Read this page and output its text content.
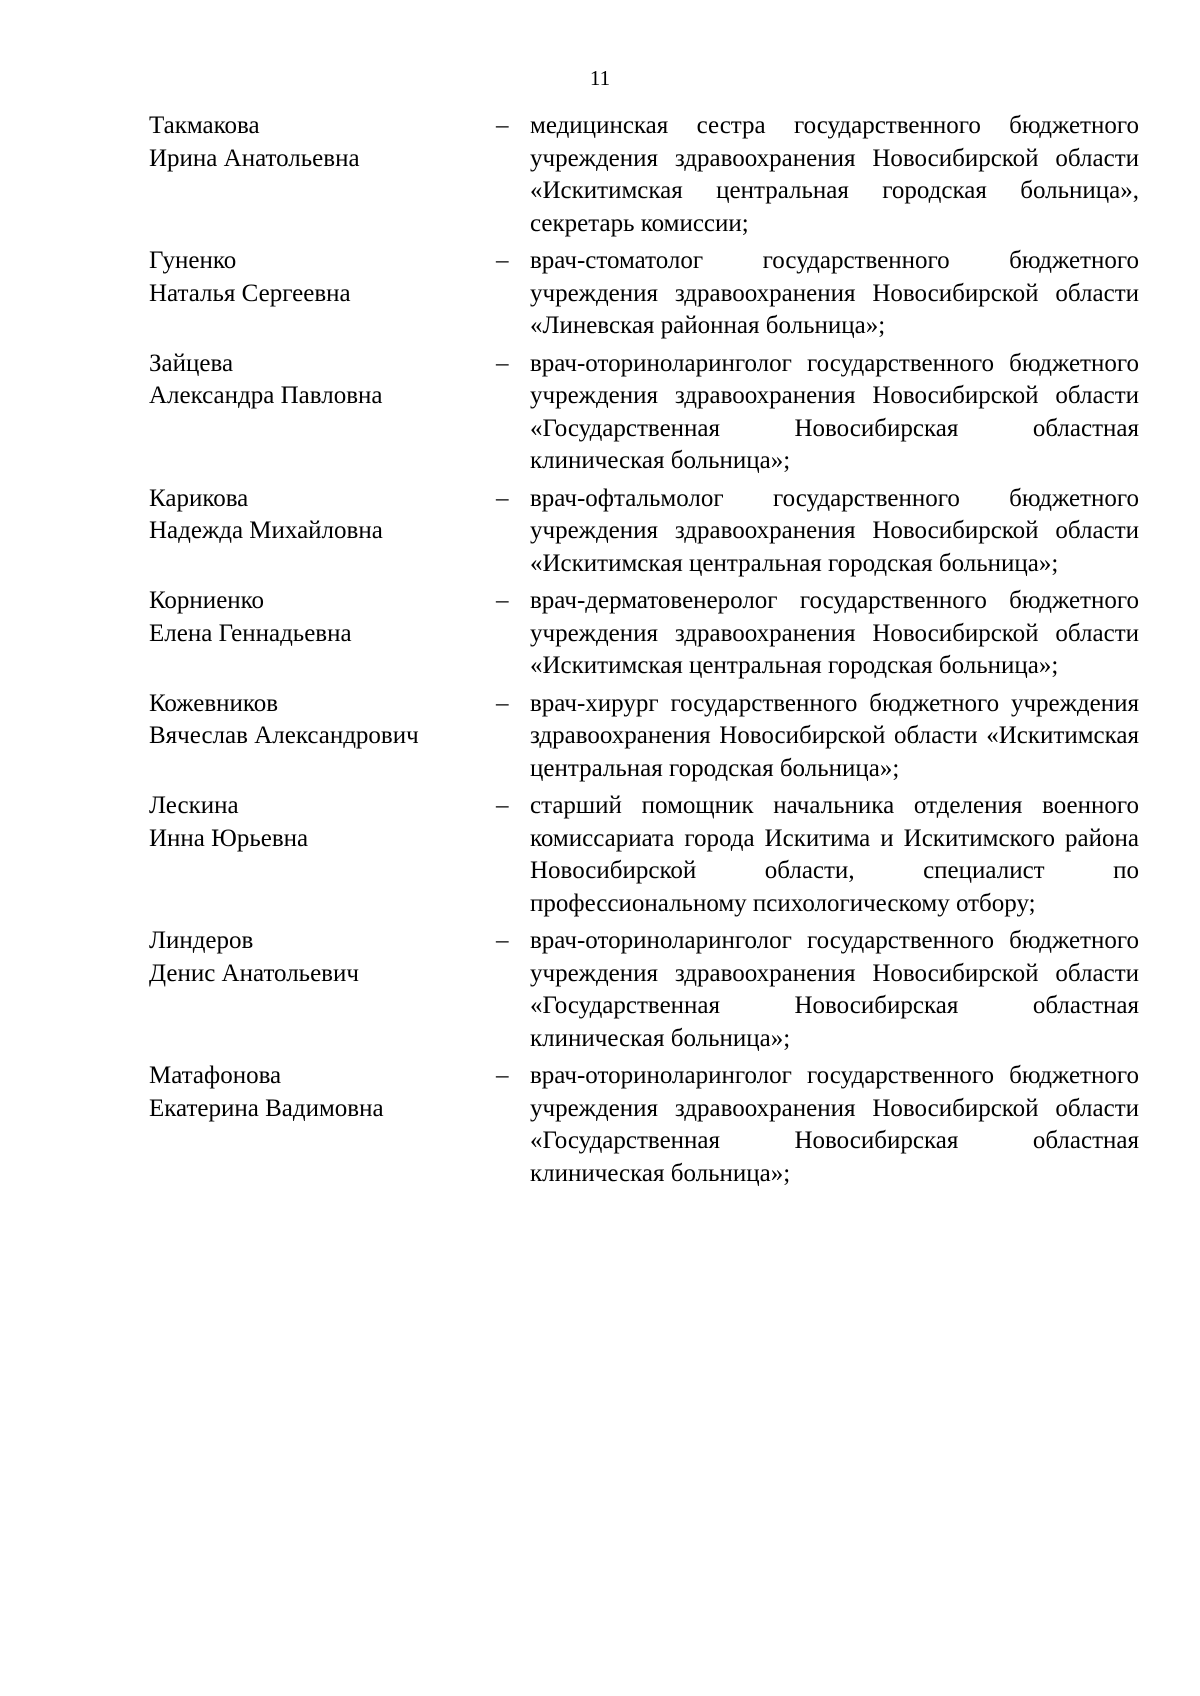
11
Такмакова
Ирина Анатольевна
– медицинская сестра государственного бюджетного учреждения здравоохранения Новосибирской области «Искитимская центральная городская больница», секретарь комиссии;
Гуненко
Наталья Сергеевна
– врач-стоматолог государственного бюджетного учреждения здравоохранения Новосибирской области «Линевская районная больница»;
Зайцева
Александра Павловна
– врач-оториноларинголог государственного бюджетного учреждения здравоохранения Новосибирской области «Государственная Новосибирская областная клиническая больница»;
Карикова
Надежда Михайловна
– врач-офтальмолог государственного бюджетного учреждения здравоохранения Новосибирской области «Искитимская центральная городская больница»;
Корниенко
Елена Геннадьевна
– врач-дерматовенеролог государственного бюджетного учреждения здравоохранения Новосибирской области «Искитимская центральная городская больница»;
Кожевников
Вячеслав Александрович
– врач-хирург государственного бюджетного учреждения здравоохранения Новосибирской области «Искитимская центральная городская больница»;
Лескина
Инна Юрьевна
– старший помощник начальника отделения военного комиссариата города Искитима и Искитимского района Новосибирской области, специалист по профессиональному психологическому отбору;
Линдеров
Денис Анатольевич
– врач-оториноларинголог государственного бюджетного учреждения здравоохранения Новосибирской области «Государственная Новосибирская областная клиническая больница»;
Матафонова
Екатерина Вадимовна
– врач-оториноларинголог государственного бюджетного учреждения здравоохранения Новосибирской области «Государственная Новосибирская областная клиническая больница»;
